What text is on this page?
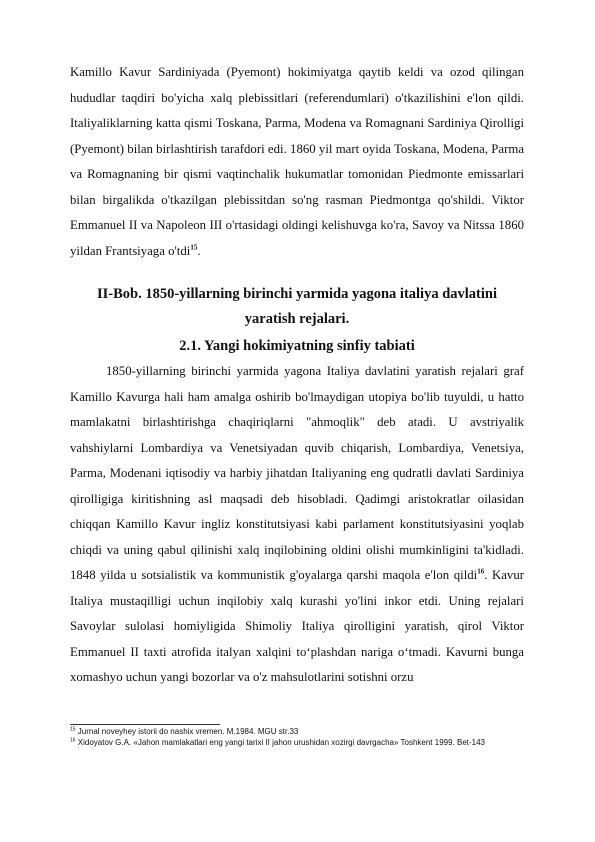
Kamillo Kavur Sardiniyada (Pyemont) hokimiyatga qaytib keldi va ozod qilingan hududlar taqdiri bo'yicha xalq plebissitlari (referendumlari) o'tkazilishini e'lon qildi. Italiyaliklarning katta qismi Toskana, Parma, Modena va Romagnani Sardiniya Qirolligi (Pyemont) bilan birlashtirish tarafdori edi. 1860 yil mart oyida Toskana, Modena, Parma va Romagnaning bir qismi vaqtinchalik hukumatlar tomonidan Piedmonte emissarlari bilan birgalikda o'tkazilgan plebissitdan so'ng rasman Piedmontga qo'shildi. Viktor Emmanuel II va Napoleon III o'rtasidagi oldingi kelishuvga ko'ra, Savoy va Nitssa 1860 yildan Frantsiyaga o'tdi$^{15}$.

II-Bob. 1850-yillarning birinchi yarmida yagona italiya davlatini yaratish rejalari.
2.1. Yangi hokimiyatning sinfiy tabiati

1850-yillarning birinchi yarmida yagona Italiya davlatini yaratish rejalari graf Kamillo Kavurga hali ham amalga oshirib bo'lmaydigan utopiya bo'lib tuyuldi, u hatto mamlakatni birlashtirishga chaqiriqlarni "ahmoqlik" deb atadi. U avstriyalik vahshiylarni Lombardiya va Venetsiyadan quvib chiqarish, Lombardiya, Venetsiya, Parma, Modenani iqtisodiy va harbiy jihatdan Italiyaning eng qudratli davlati Sardiniya qirolligiga kiritishning asl maqsadi deb hisobladi. Qadimgi aristokratlar oilasidan chiqqan Kamillo Kavur ingliz konstitutsiyasi kabi parlament konstitutsiyasini yoqlab chiqdi va uning qabul qilinishi xalq inqilobining oldini olishi mumkinligini ta'kidladi. 1848 yilda u sotsialistik va kommunistik g'oyalarga qarshi maqola e'lon qildi$^{16}$. Kavur Italiya mustaqilligi uchun inqilobiy xalq kurashi yo'lini inkor etdi. Uning rejalari Savoylar sulolasi homiyligida Shimoliy Italiya qirolligini yaratish, qirol Viktor Emmanuel II taxti atrofida italyan xalqini to‘plashdan nariga o‘tmadi. Kavurni bunga xomashyo uchun yangi bozorlar va o'z mahsulotlarini sotishni orzu

$^{15}$ Jurnal noveyhey istorii do nashix vremen. M.1984. MGU str.33

$^{16}$ Xidoyatov G.A. «Jahon mamlakatlari eng yangi tarixi II jahon urushidan xozirgi davrgacha» Toshkent 1999. Bet-143
